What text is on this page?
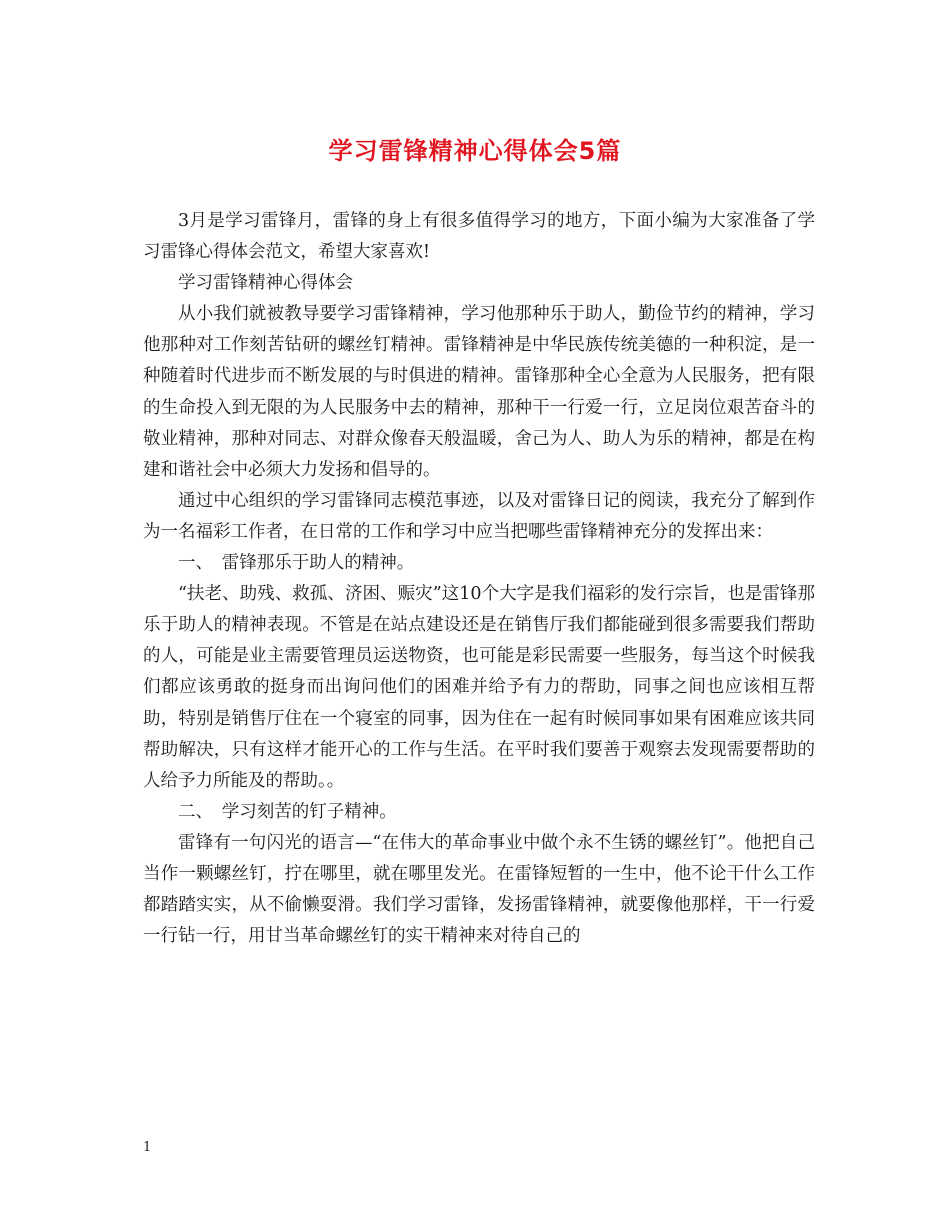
学习雷锋精神心得体会5篇

3月是学习雷锋月，雷锋的身上有很多值得学习的地方，下面小编为大家准备了学习雷锋心得体会范文，希望大家喜欢!

学习雷锋精神心得体会

从小我们就被教导要学习雷锋精神，学习他那种乐于助人，勤俭节约的精神，学习他那种对工作刻苦钻研的螺丝钉精神。雷锋精神是中华民族传统美德的一种积淀，是一种随着时代进步而不断发展的与时俱进的精神。雷锋那种全心全意为人民服务，把有限的生命投入到无限的为人民服务中去的精神，那种干一行爱一行，立足岗位艰苦奋斗的敬业精神，那种对同志、对群众像春天般温暖，舍己为人、助人为乐的精神，都是在构建和谐社会中必须大力发扬和倡导的。

通过中心组织的学习雷锋同志模范事迹，以及对雷锋日记的阅读，我充分了解到作为一名福彩工作者，在日常的工作和学习中应当把哪些雷锋精神充分的发挥出来：

一、　雷锋那乐于助人的精神。

“扶老、助残、救孤、济困、赈灾”这10个大字是我们福彩的发行宗旨，也是雷锋那乐于助人的精神表现。不管是在站点建设还是在销售厅我们都能碰到很多需要我们帮助的人，可能是业主需要管理员运送物资，也可能是彩民需要一些服务，每当这个时候我们都应该勇敢的挺身而出询问他们的困难并给予有力的帮助，同事之间也应该相互帮助，特别是销售厅住在一个寝室的同事，因为住在一起有时候同事如果有困难应该共同帮助解决，只有这样才能开心的工作与生活。在平时我们要善于观察去发现需要帮助的人给予力所能及的帮助。。

二、　学习刻苦的钉子精神。

雷锋有一句闪光的语言—“在伟大的革命事业中做个永不生锈的螺丝钉”。他把自己当作一颗螺丝钉，拧在哪里，就在哪里发光。在雷锋短暂的一生中，他不论干什么工作都踏踏实实，从不偷懒耍滑。我们学习雷锋，发扬雷锋精神，就要像他那样，干一行爱一行钻一行，用甘当革命螺丝钉的实干精神来对待自己的

1
